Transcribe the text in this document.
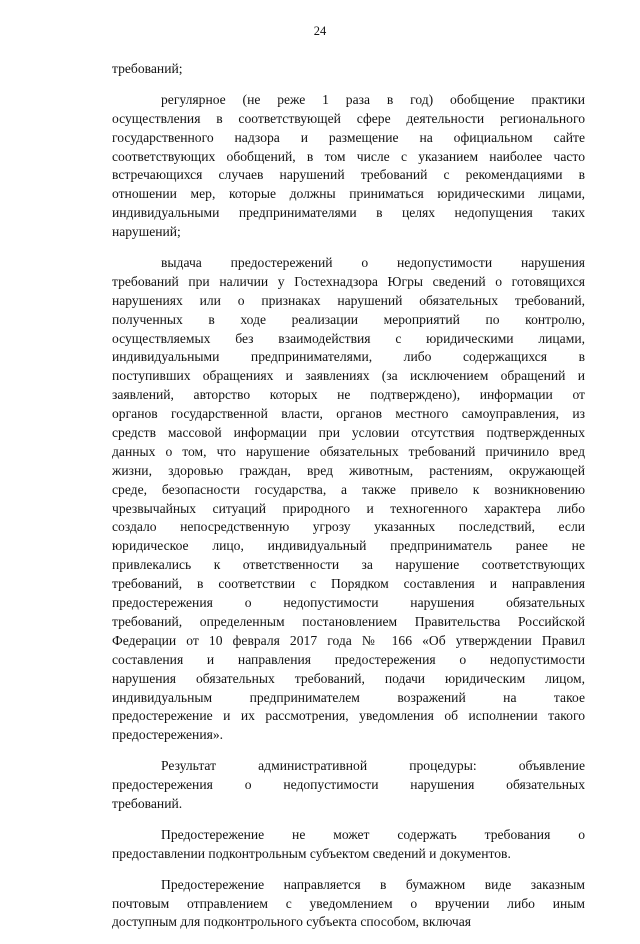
24
требований;
регулярное (не реже 1 раза в год) обобщение практики
осуществления в соответствующей сфере деятельности регионального
государственного надзора и размещение на официальном сайте
соответствующих обобщений, в том числе с указанием наиболее часто
встречающихся случаев нарушений требований с рекомендациями в
отношении мер, которые должны приниматься юридическими лицами,
индивидуальными предпринимателями в целях недопущения таких
нарушений;
выдача предостережений о недопустимости нарушения
требований при наличии у Гостехнадзора Югры сведений о готовящихся
нарушениях или о признаках нарушений обязательных требований,
полученных в ходе реализации мероприятий по контролю,
осуществляемых без взаимодействия с юридическими лицами,
индивидуальными предпринимателями, либо содержащихся в
поступивших обращениях и заявлениях (за исключением обращений и
заявлений, авторство которых не подтверждено), информации от
органов государственной власти, органов местного самоуправления, из
средств массовой информации при условии отсутствия подтвержденных
данных о том, что нарушение обязательных требований причинило вред
жизни, здоровью граждан, вред животным, растениям, окружающей
среде, безопасности государства, а также привело к возникновению
чрезвычайных ситуаций природного и техногенного характера либо
создало непосредственную угрозу указанных последствий, если
юридическое лицо, индивидуальный предприниматель ранее не
привлекались к ответственности за нарушение соответствующих
требований, в соответствии с Порядком составления и направления
предостережения о недопустимости нарушения обязательных
требований, определенным постановлением Правительства Российской
Федерации от 10 февраля 2017 года № 166 «Об утверждении Правил
составления и направления предостережения о недопустимости
нарушения обязательных требований, подачи юридическим лицом,
индивидуальным предпринимателем возражений на такое
предостережение и их рассмотрения, уведомления об исполнении такого
предостережения».
Результат административной процедуры: объявление
предостережения о недопустимости нарушения обязательных
требований.
Предостережение не может содержать требования о
предоставлении подконтрольным субъектом сведений и документов.
Предостережение направляется в бумажном виде заказным
почтовым отправлением с уведомлением о вручении либо иным
доступным для подконтрольного субъекта способом, включая
